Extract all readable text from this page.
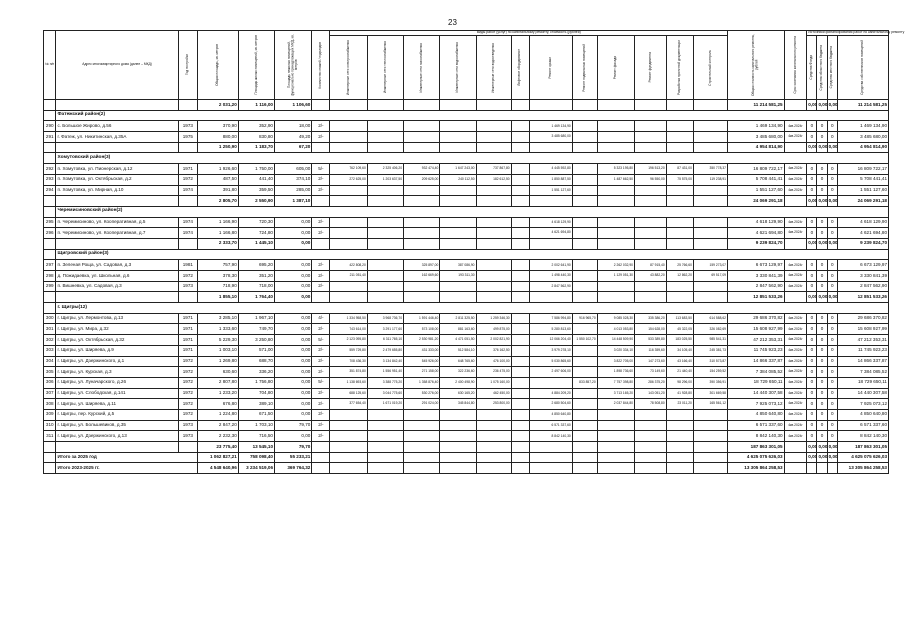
23
№ п/п	Адрес многоквартирного дома (далее – МКД)	Год постройки	Общая площадь, кв. метров	Площадь жилых помещений, кв. метров	Площадь нежилых помещений, функционально принадлежащих МКД, кв. метров	Количество этажей / подъездов	Виды работ (услуг) по капитальному ремонту, стоимость (рублей)												Общая стоимость капитального ремонта, рублей	Срок окончания капитального ремонта	Источники финансирования работ по капитальному ремонту			

							Инженерные сети электроснабжения	Инженерные сети теплоснабжения	Инженерные сети газоснабжения	Инженерные сети водоснабжения	Инженерные сети водоотведения	Лифтовое оборудование	Ремонт крыши	Ремонт подвальных помещений	Ремонт фасада	Ремонт фундамента	Разработка проектной документации	Строительный контроль			Средства Фонда	Средства областного бюджета	Средства местного бюджета	Средства собственников помещений

			2 031,20	1 116,00	1 106,60														11 214 581,25		0,00	0,00	0,00	11 214 581,25
	Фатежский район(2)																							
290	с. Большое Жирово, д.56	1973	370,90	352,90	18,00	2/-							1 469 134,90						1 469 134,90	4кв.2024г	0	0	0	1 469 134,90
291	г. Фатеж, ул. Никитинская, д.35А	1975	880,00	830,80	49,20	2/-							3 485 680,00						3 485 680,00	4кв.2024г	0	0	0	3 485 680,00
			1 250,90	1 183,70	67,20														4 954 814,90		0,00	0,00	0,00	4 954 814,90
	Хомутовский район(3)																							
292	п. Хомутовка, ул. Пионерская, д.12	1971	1 926,60	1 750,00	605,00	5/-	762 109,60	2 325 406,20	932 474,40	1 647 243,00	737 867,80		4 445 592,80		5 323 195,80	196 513,20	87 431,00	350 778,37	16 809 722,17	4кв.2024г	0	0	0	16 809 722,17
293	п. Хомутовка, ул. Октябрьская, д.2	1972	487,50	441,40	374,10	2/-	272 625,00	1 203 637,50	209 625,00	240 112,50	182 612,50		1 850 887,50		1 487 662,50	96 550,00	75 575,00	119 238,91	5 708 441,41	4кв.2024г	0	0	0	5 708 441,41
294	п. Хомутовка, ул. Мирная, д.10	1974	391,80	359,50	285,00	2/-							1 551 127,60						1 551 127,60	4кв.2024г	0	0	0	1 551 127,60
			2 805,70	2 550,90	1 387,10														24 069 291,18		0,00	0,00	0,00	24 069 291,18
	Черемисиновский район(2)																							
295	п. Черемисиново, ул. Кооперативная, д.5	1974	1 166,90	720,30	0,00	2/-							4 618 129,90						4 618 129,90	4кв.2024г	0	0	0	4 618 129,90
296	п. Черемисиново, ул. Кооперативная, д.7	1974	1 166,80	724,80	0,00	2/-							4 621 694,80						4 621 694,80	4кв.2024г	0	0	0	4 621 694,80
			2 333,70	1 445,10	0,00														9 239 824,70		0,00	0,00	0,00	9 239 824,70
	Щигровский район(3)																							
297	п. Зеленая Роща, ул. Садовая, д.3	1981	757,90	695,20	0,00	2/-	422 808,20		325 897,00	387 086,90			2 002 641,90		2 262 032,90	87 915,40	25 766,60	159 273,07	6 673 129,97	4кв.2024г	0	0	0	6 673 129,97
298	д. Пожидаевка, ул. Школьная, д.6	1972	378,30	351,20	0,00	2/-	211 051,40		162 669,60	193 311,30			1 498 440,30		1 129 051,30	43 882,20	12 862,20	69 517,09	3 330 841,39	4кв.2024г	0	0	0	3 330 841,39
299	п. Вишневка, ул. Садовая, д.3	1973	718,90	718,00	0,00	2/-							2 847 562,90						2 847 562,90	4кв.2024г	0	0	0	2 847 562,90
			1 855,10	1 764,40	0,00														12 851 533,26		0,00	0,00	0,00	12 851 533,26
	г. Щигры(12)																							
300	г. Щигры, ул. Лермонтова, д.13	1971	3 285,10	1 967,10	0,00	4/-	1 334 958,50	3 968 736,70	1 591 446,40	2 811 325,50	1 259 346,30		7 586 994,80	916 965,70	9 085 028,30	335 386,20	113 683,50	614 588,62	29 686 370,82	4кв.2024г	0	0	0	29 686 370,82
301	г. Щигры, ул. Мира, д.32	1971	1 333,60	749,70	0,00	2/-	743 614,00	3 291 177,60	573 108,00	881 163,60	499 875,00		5 280 813,60		4 013 053,80	154 628,00	45 322,05	326 082,69	15 608 927,99	4кв.2024г	0	0	0	15 608 927,99
302	г. Щигры, ул. Октябрьская, д.32	1971	5 229,30	3 250,80	0,00	5/-	2 123 095,80	6 311 765,10	2 530 981,20	4 471 051,50	2 002 821,90		12 066 204,40	1 550 102,70	14 448 509,90	533 389,80	183 025,50	985 541,31	47 212 353,31	4кв.2024г	0	0	0	47 212 353,31
303	г. Щигры, ул. Ширяева, д.9	1971	1 003,10	571,00	0,00	2/-	559 729,80	2 479 655,80	431 333,00	512 584,10	376 162,50		3 979 278,10		3 020 334,10	116 359,60	34 105,40	245 381,73	11 745 923,23	4кв.2024г	0	0	0	11 745 923,23
304	г. Щигры, ул. Дзержинского, д.1	1972	1 269,80	688,70	0,00	2/-	708 436,30	3 134 842,40	545 926,00	648 765,60	476 100,00		5 030 865,60		3 822 705,00	147 273,60	43 166,40	310 573,87	14 866 337,87	4кв.2024г	0	0	0	14 866 337,87
305	г. Щигры, ул. Курская, д.3	1972	630,60	336,20	0,00	2/-	351 874,80	1 556 951,40	271 158,00	322 236,60	236 475,00		2 497 606,00		1 898 736,60	73 149,60	21 440,40	154 259,52	7 384 085,52	4кв.2024г	0	0	0	7 384 085,52
306	г. Щигры, ул. Луначарского, д.26	1972	2 807,80	1 756,80	0,00	5/-	1 138 693,60	3 388 775,20	1 358 876,40	2 400 498,90	1 075 160,00			833 857,20	7 757 398,80	286 375,20	98 296,00	390 356,91	18 729 650,11	4кв.2024г	0	0	0	18 729 650,11
307	г. Щигры, ул. Слободская, д.141	1972	1 233,20	704,80	0,00	2/-	688 125,60	3 044 775,60	530 276,00	630 165,20	462 450,00		4 884 209,20		3 713 165,20	143 051,20	41 928,80	301 669,58	14 440 307,58	4кв.2024г	0	0	0	14 440 307,58
308	г. Щигры, ул. Ширяева, д.11	1972	676,80	389,10	0,00	2/-	377 654,40	1 671 019,20	291 024,00	345 844,80	253 800,00		2 680 504,60		2 037 844,80	78 508,80	23 011,20	165 561,12	7 925 073,12	4кв.2024г	0	0	0	7 925 073,12
309	г. Щигры, пер. Курский, д.5	1972	1 224,80	671,50	0,00	2/-							4 850 640,80						4 850 640,80	4кв.2024г	0	0	0	4 850 640,80
310	г. Щигры, ул. Большевиков, д.35	1973	2 847,20	1 703,10	79,70	2/-							6 571 337,60						6 571 337,60	4кв.2024г	0	0	0	6 571 337,60
311	г. Щигры, ул. Дзержинского, д.13	1973	2 232,30	716,50	0,00	2/-							8 842 140,30						8 842 140,30	4кв.2024г	0	0	0	8 842 140,30
			23 775,40	13 545,10	79,70														187 863 301,05		0,00	0,00	0,00	187 863 301,05
	Итого за 2025 год		1 062 827,21	758 098,40	55 233,21														4 625 075 626,03		0,00	0,00	0,00	4 625 075 626,03
	Итого 2023-2025 гг.		4 548 640,96	3 234 519,06	369 764,32														13 305 864 258,53					13 305 864 258,53
